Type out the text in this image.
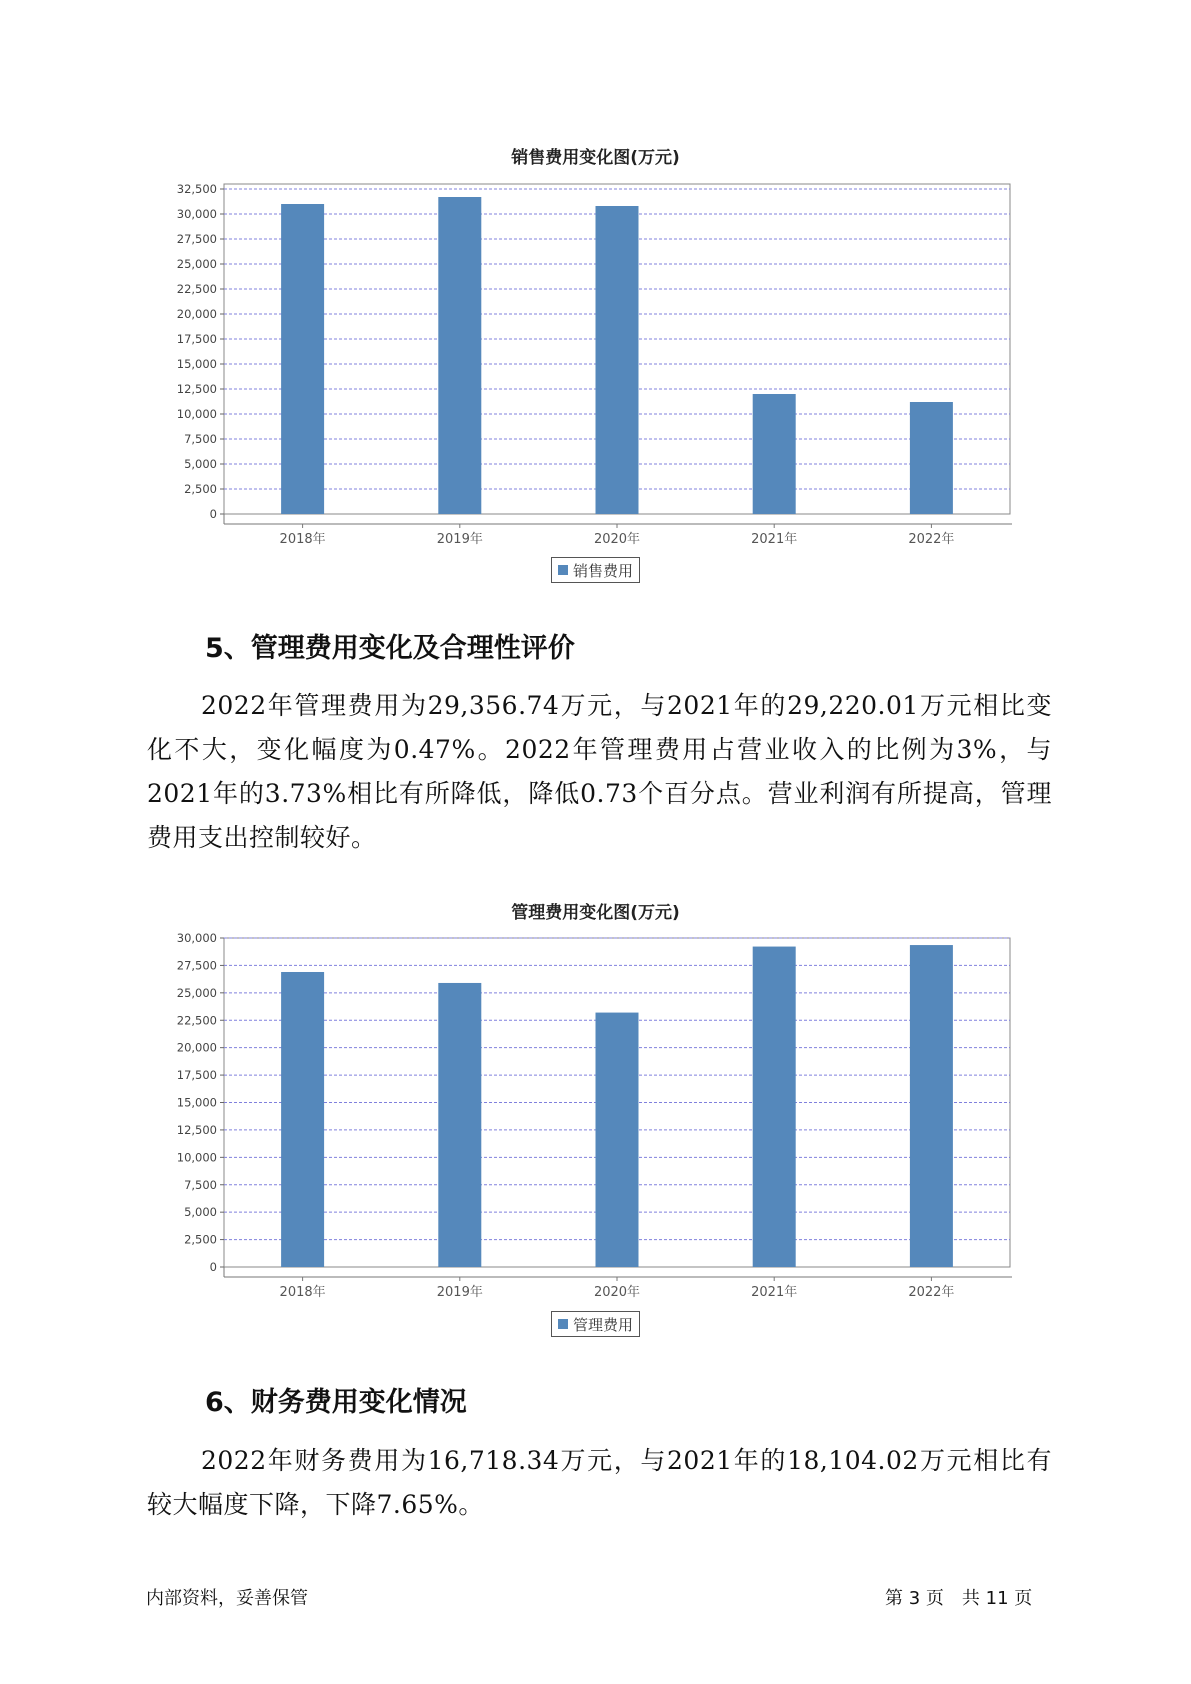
销售费用变化图(万元)
0
2,500
5,000
7,500
10,000
12,500
15,000
17,500
20,000
22,500
25,000
27,500
30,000
32,500
2018年	2019年	2020年	2021年	2022年
销售费用
5、管理费用变化及合理性评价

2022年管理费用为29,356.74万元，与2021年的29,220.01万元相比变化不大，变化幅度为0.47%。2022年管理费用占营业收入的比例为3%，与2021年的3.73%相比有所降低，降低0.73个百分点。营业利润有所提高，管理费用支出控制较好。

管理费用变化图(万元)
0
2,500
5,000
7,500
10,000
12,500
15,000
17,500
20,000
22,500
25,000
27,500
30,000
2018年	2019年	2020年	2021年	2022年
管理费用
6、财务费用变化情况

2022年财务费用为16,718.34万元，与2021年的18,104.02万元相比有较大幅度下降，下降7.65%。

内部资料，妥善保管	第 3 页　共 11 页
